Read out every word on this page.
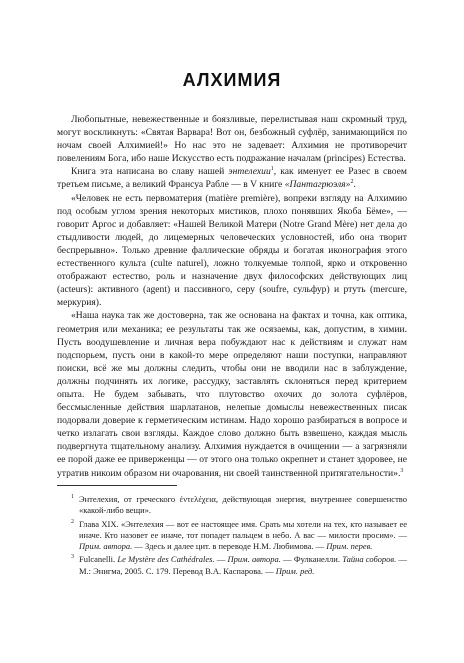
АЛХИМИЯ

Любопытные, невежественные и боязливые, перелистывая наш скромный труд, могут воскликнуть: «Святая Варвара! Вот он, безбожный суфлёр, занимающийся по ночам своей Алхимией!» Но нас это не задевает: Алхимия не противоречит повелениям Бога, ибо наше Искусство есть подражание началам (principes) Естества.

Книга эта написана во славу нашей энтелехии$^1$, как именует ее Разес в своем третьем письме, а великий Франсуа Рабле — в V книге «Пантагрюэля»$^2$.

«Человек не есть первоматерия (matière première), вопреки взгляду на Алхимию под особым углом зрения некоторых мистиков, плохо понявших Якоба Бёме», — говорит Аргос и добавляет: «Нашей Великой Матери (Notre Grand Mère) нет дела до стыдливости людей, до лицемерных человеческих условностей, ибо она творит беспрерывно». Только древние фаллические обряды и богатая иконография этого естественного культа (culte naturel), ложно толкуемые толпой, ярко и откровенно отображают естество, роль и назначение двух философских действующих лиц (acteurs): активного (agent) и пассивного, серу (soufre, сульфур) и ртуть (mercure, меркурия).

«Наша наука так же достоверна, так же основана на фактах и точна, как оптика, геометрия или механика; ее результаты так же осязаемы, как, допустим, в химии. Пусть воодушевление и личная вера побуждают нас к действиям и служат нам подспорьем, пусть они в какой-то мере определяют наши поступки, направляют поиски, всё же мы должны следить, чтобы они не вводили нас в заблуждение, должны подчинять их логике, рассудку, заставлять склоняться перед критерием опыта. Не будем забывать, что плутовство охочих до золота суфлёров, бессмысленные действия шарлатанов, нелепые домыслы невежественных писак подорвали доверие к герметическим истинам. Надо хорошо разбираться в вопросе и четко излагать свои взгляды. Каждое слово должно быть взвешено, каждая мысль подвергнута тщательному анализу. Алхимия нуждается в очищении — а загрязняли ее порой даже ее приверженцы — от этого она только окрепнет и станет здоровее, не утратив никоим образом ни очарования, ни своей таинственной притягательности».$^3$

1 Энтелехия, от греческого ἐντελέχεια, действующая энергия, внутреннее совершенство «какой-либо вещи».
2 Глава XIX. «Энтелехия — вот ее настоящее имя. Срать мы хотели на тех, кто называет ее иначе. Кто назовет ее иначе, тот попадет пальцем в небо. А вас — милости просим». — Прим. автора. — Здесь и далее цит. в переводе Н.М. Любимова. — Прим. перев.
3 Fulcanelli. Le Mystère des Cathédrales. — Прим. автора. — Фулканелли. Тайна соборов. — М.: Энигма, 2005. С. 179. Перевод В.А. Каспарова. — Прим. ред.
